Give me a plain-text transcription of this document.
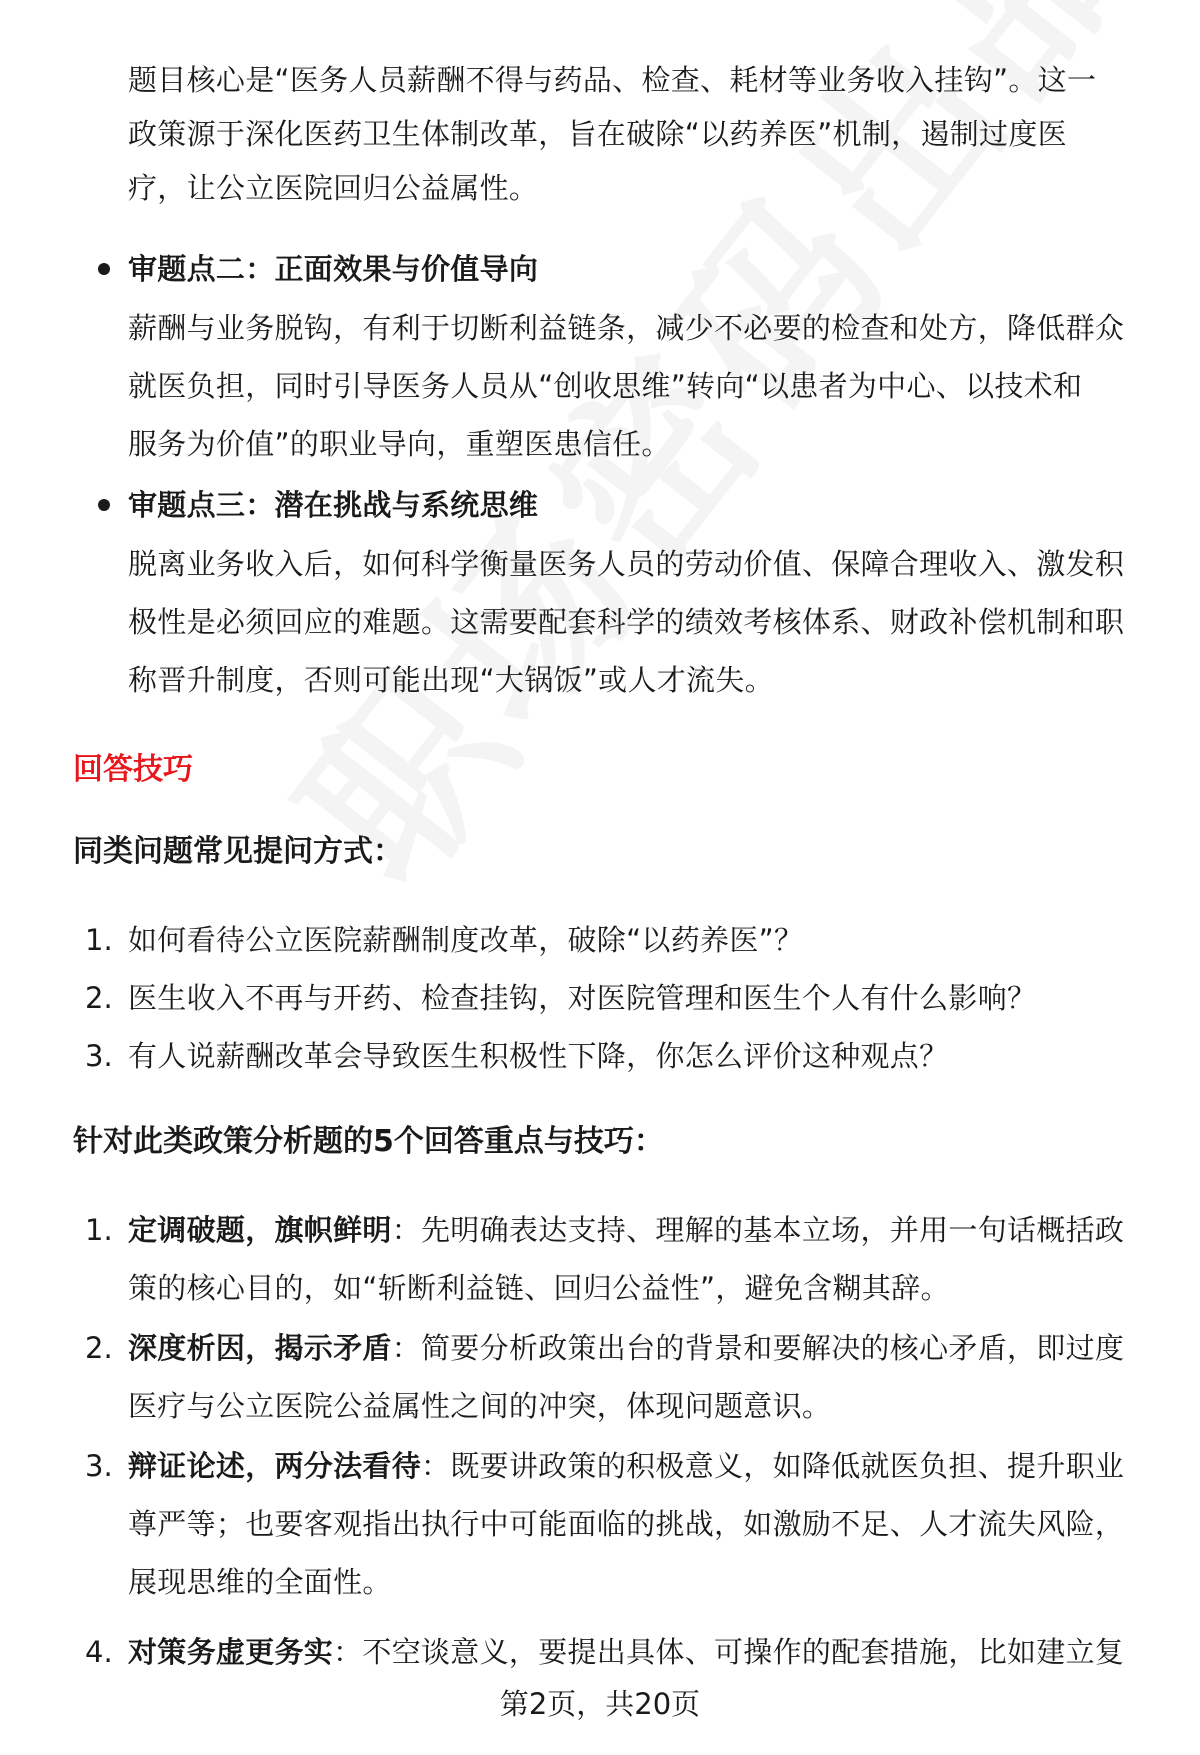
题目核心是“医务人员薪酬不得与药品、检查、耗材等业务收入挂钩”。这一
政策源于深化医药卫生体制改革，旨在破除“以药养医”机制，遏制过度医
疗，让公立医院回归公益属性。
审题点二：正面效果与价值导向
薪酬与业务脱钩，有利于切断利益链条，减少不必要的检查和处方，降低群众
就医负担，同时引导医务人员从“创收思维”转向“以患者为中心、以技术和
服务为价值”的职业导向，重塑医患信任。
审题点三：潜在挑战与系统思维
脱离业务收入后，如何科学衡量医务人员的劳动价值、保障合理收入、激发积
极性是必须回应的难题。这需要配套科学的绩效考核体系、财政补偿机制和职
称晋升制度，否则可能出现“大锅饭”或人才流失。
回答技巧
同类问题常见提问方式：
1. 如何看待公立医院薪酬制度改革，破除“以药养医”？
2. 医生收入不再与开药、检查挂钩，对医院管理和医生个人有什么影响？
3. 有人说薪酬改革会导致医生积极性下降，你怎么评价这种观点？
针对此类政策分析题的5个回答重点与技巧：
1. 定调破题，旗帜鲜明：先明确表达支持、理解的基本立场，并用一句话概括政
策的核心目的，如“斩断利益链、回归公益性”，避免含糊其辞。
2. 深度析因，揭示矛盾：简要分析政策出台的背景和要解决的核心矛盾，即过度
医疗与公立医院公益属性之间的冲突，体现问题意识。
3. 辩证论述，两分法看待：既要讲政策的积极意义，如降低就医负担、提升职业
尊严等；也要客观指出执行中可能面临的挑战，如激励不足、人才流失风险，
展现思维的全面性。
4. 对策务虚更务实：不空谈意义，要提出具体、可操作的配套措施，比如建立复
第2页，共20页
